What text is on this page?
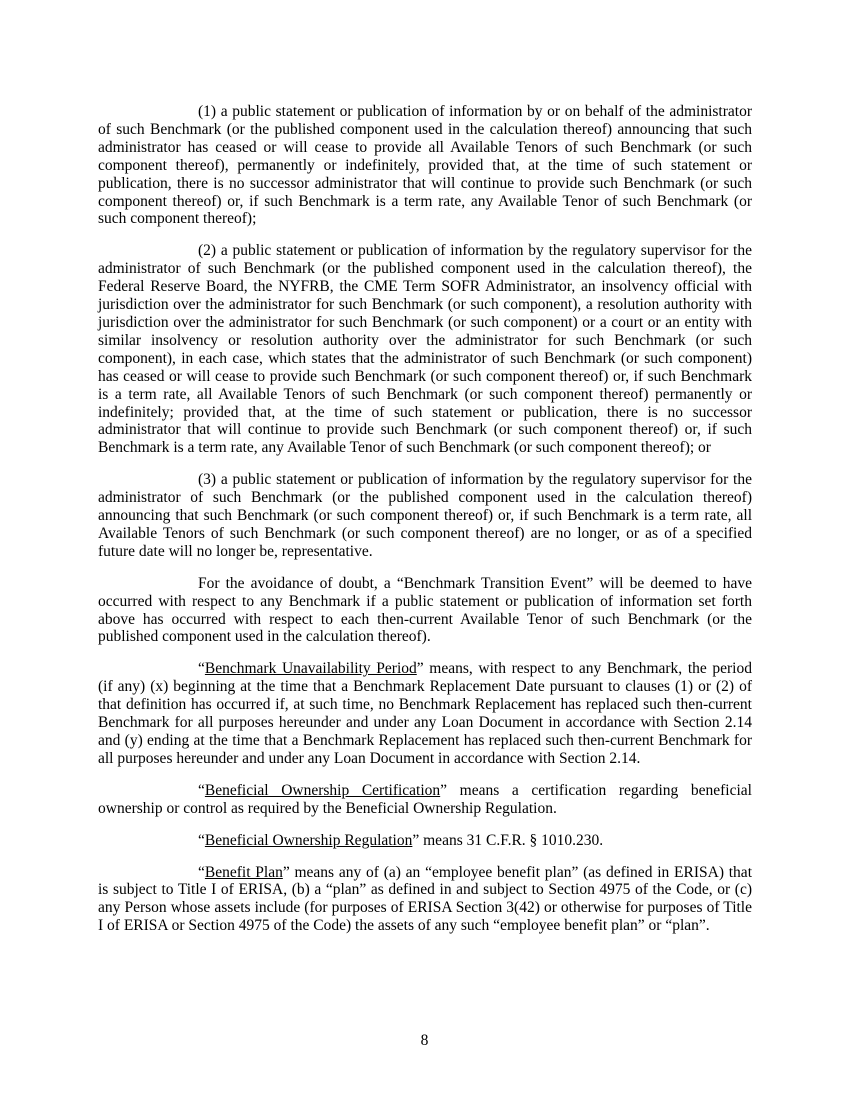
(1) a public statement or publication of information by or on behalf of the administrator of such Benchmark (or the published component used in the calculation thereof) announcing that such administrator has ceased or will cease to provide all Available Tenors of such Benchmark (or such component thereof), permanently or indefinitely, provided that, at the time of such statement or publication, there is no successor administrator that will continue to provide such Benchmark (or such component thereof) or, if such Benchmark is a term rate, any Available Tenor of such Benchmark (or such component thereof);

(2) a public statement or publication of information by the regulatory supervisor for the administrator of such Benchmark (or the published component used in the calculation thereof), the Federal Reserve Board, the NYFRB, the CME Term SOFR Administrator, an insolvency official with jurisdiction over the administrator for such Benchmark (or such component), a resolution authority with jurisdiction over the administrator for such Benchmark (or such component) or a court or an entity with similar insolvency or resolution authority over the administrator for such Benchmark (or such component), in each case, which states that the administrator of such Benchmark (or such component) has ceased or will cease to provide such Benchmark (or such component thereof) or, if such Benchmark is a term rate, all Available Tenors of such Benchmark (or such component thereof) permanently or indefinitely; provided that, at the time of such statement or publication, there is no successor administrator that will continue to provide such Benchmark (or such component thereof) or, if such Benchmark is a term rate, any Available Tenor of such Benchmark (or such component thereof); or

(3) a public statement or publication of information by the regulatory supervisor for the administrator of such Benchmark (or the published component used in the calculation thereof) announcing that such Benchmark (or such component thereof) or, if such Benchmark is a term rate, all Available Tenors of such Benchmark (or such component thereof) are no longer, or as of a specified future date will no longer be, representative.

For the avoidance of doubt, a “Benchmark Transition Event” will be deemed to have occurred with respect to any Benchmark if a public statement or publication of information set forth above has occurred with respect to each then-current Available Tenor of such Benchmark (or the published component used in the calculation thereof).

“Benchmark Unavailability Period” means, with respect to any Benchmark, the period (if any) (x) beginning at the time that a Benchmark Replacement Date pursuant to clauses (1) or (2) of that definition has occurred if, at such time, no Benchmark Replacement has replaced such then-current Benchmark for all purposes hereunder and under any Loan Document in accordance with Section 2.14 and (y) ending at the time that a Benchmark Replacement has replaced such then-current Benchmark for all purposes hereunder and under any Loan Document in accordance with Section 2.14.

“Beneficial Ownership Certification” means a certification regarding beneficial ownership or control as required by the Beneficial Ownership Regulation.

“Beneficial Ownership Regulation” means 31 C.F.R. § 1010.230.

“Benefit Plan” means any of (a) an “employee benefit plan” (as defined in ERISA) that is subject to Title I of ERISA, (b) a “plan” as defined in and subject to Section 4975 of the Code, or (c) any Person whose assets include (for purposes of ERISA Section 3(42) or otherwise for purposes of Title I of ERISA or Section 4975 of the Code) the assets of any such “employee benefit plan” or “plan”.

8
